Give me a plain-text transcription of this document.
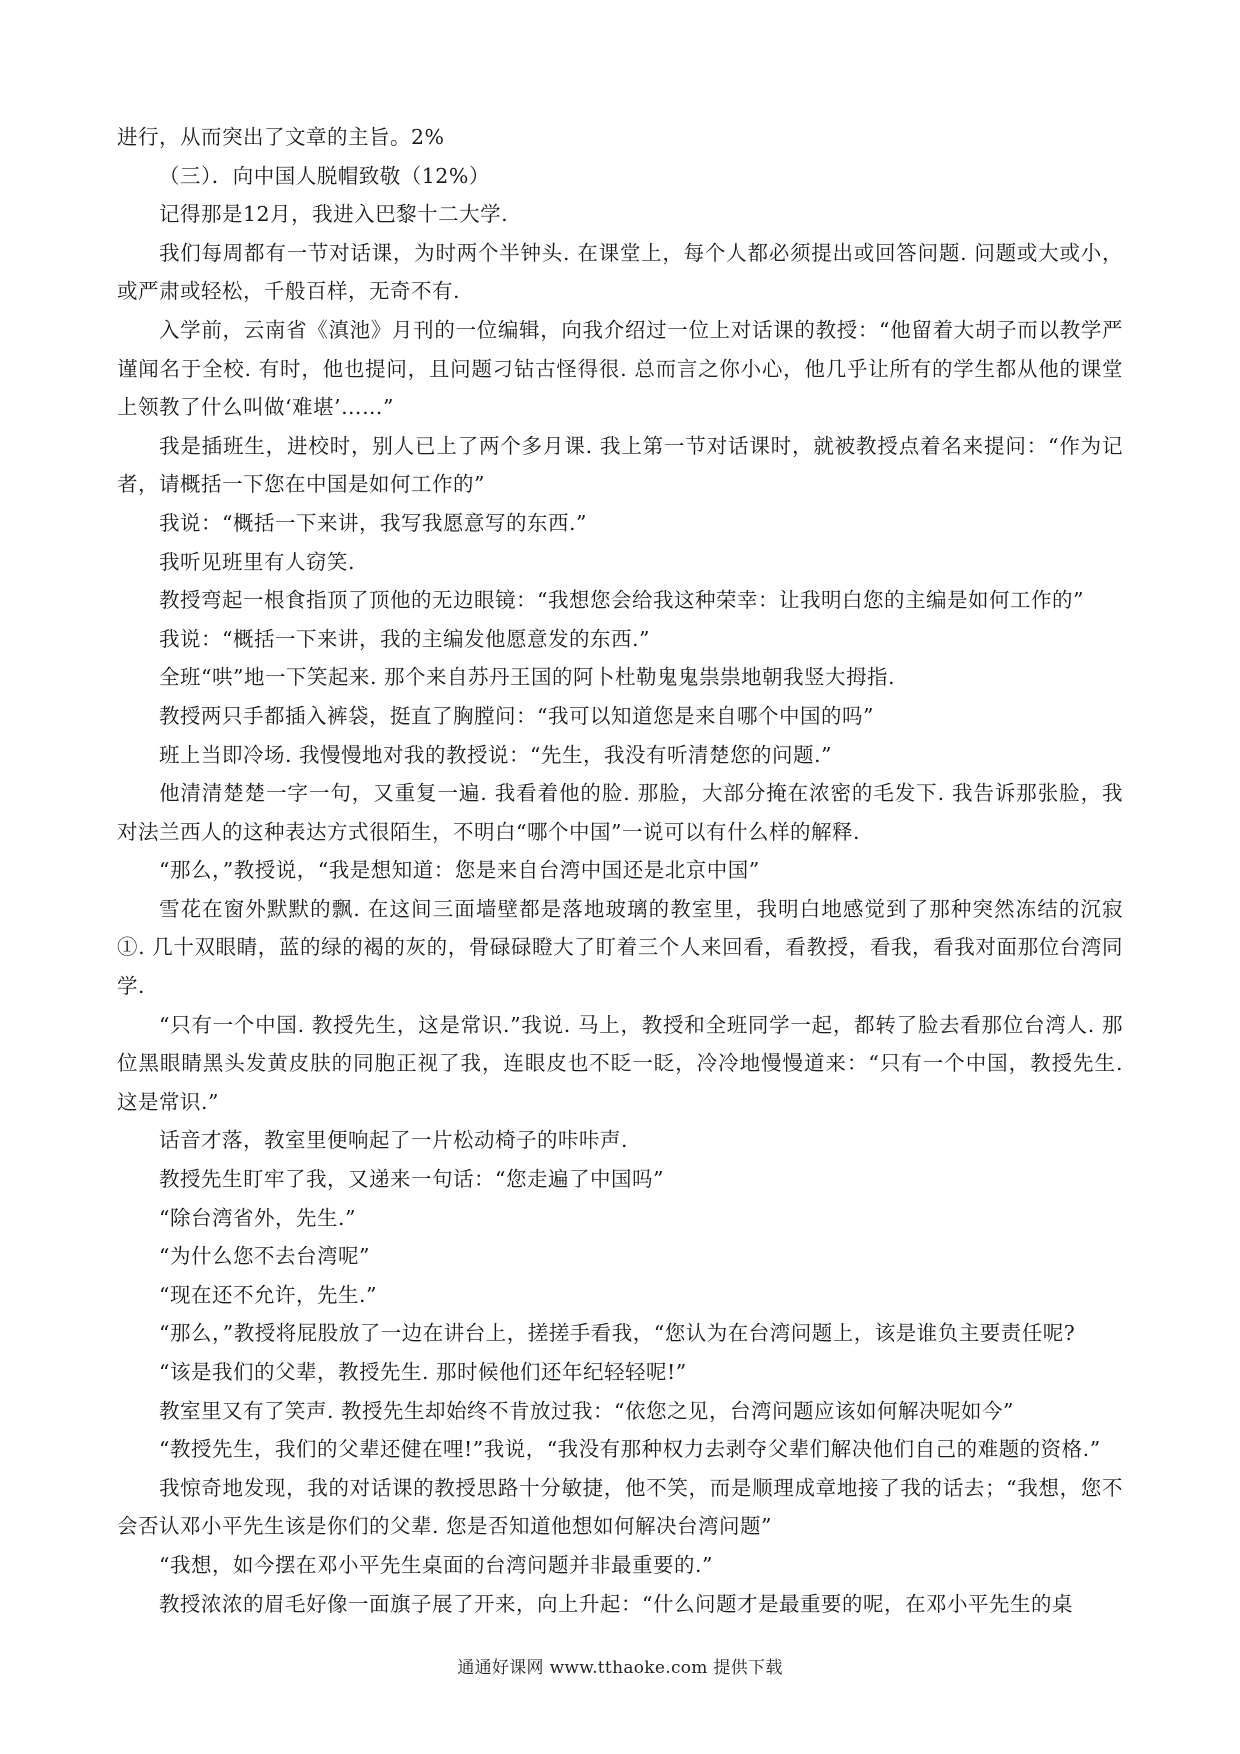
进行，从而突出了文章的主旨。2%

（三）．向中国人脱帽致敬（12%）

记得那是12月，我进入巴黎十二大学.

我们每周都有一节对话课，为时两个半钟头. 在课堂上，每个人都必须提出或回答问题. 问题或大或小，或严肃或轻松，千般百样，无奇不有.

入学前，云南省《滇池》月刊的一位编辑，向我介绍过一位上对话课的教授：“他留着大胡子而以教学严谨闻名于全校. 有时，他也提问，且问题刁钻古怪得很. 总而言之你小心，他几乎让所有的学生都从他的课堂上领教了什么叫做‘难堪’……”

我是插班生，进校时，别人已上了两个多月课. 我上第一节对话课时，就被教授点着名来提问：“作为记者，请概括一下您在中国是如何工作的”

我说：“概括一下来讲，我写我愿意写的东西.”

我听见班里有人窃笑.

教授弯起一根食指顶了顶他的无边眼镜：“我想您会给我这种荣幸：让我明白您的主编是如何工作的”

我说：“概括一下来讲，我的主编发他愿意发的东西.”

全班“哄”地一下笑起来. 那个来自苏丹王国的阿卜杜勒鬼鬼祟祟地朝我竖大拇指.

教授两只手都插入裤袋，挺直了胸膛问：“我可以知道您是来自哪个中国的吗”

班上当即冷场. 我慢慢地对我的教授说：“先生，我没有听清楚您的问题.”

他清清楚楚一字一句，又重复一遍. 我看着他的脸. 那脸，大部分掩在浓密的毛发下. 我告诉那张脸，我对法兰西人的这种表达方式很陌生，不明白“哪个中国”一说可以有什么样的解释.

“那么，”教授说，“我是想知道：您是来自台湾中国还是北京中国”

雪花在窗外默默的飘. 在这间三面墙壁都是落地玻璃的教室里，我明白地感觉到了那种突然冻结的沉寂①. 几十双眼睛，蓝的绿的褐的灰的，骨碌碌瞪大了盯着三个人来回看，看教授，看我，看我对面那位台湾同学.

“只有一个中国. 教授先生，这是常识.”我说. 马上，教授和全班同学一起，都转了脸去看那位台湾人. 那位黑眼睛黑头发黄皮肤的同胞正视了我，连眼皮也不眨一眨，冷冷地慢慢道来：“只有一个中国，教授先生. 这是常识.”

话音才落，教室里便响起了一片松动椅子的咔咔声.

教授先生盯牢了我，又递来一句话：“您走遍了中国吗”

“除台湾省外，先生.”

“为什么您不去台湾呢”

“现在还不允许，先生.”

“那么，”教授将屁股放了一边在讲台上，搓搓手看我，“您认为在台湾问题上，该是谁负主要责任呢?

“该是我们的父辈，教授先生. 那时候他们还年纪轻轻呢!”

教室里又有了笑声. 教授先生却始终不肯放过我：“依您之见，台湾问题应该如何解决呢如今”

“教授先生，我们的父辈还健在哩!”我说，“我没有那种权力去剥夺父辈们解决他们自己的难题的资格.”

我惊奇地发现，我的对话课的教授思路十分敏捷，他不笑，而是顺理成章地接了我的话去；“我想，您不会否认邓小平先生该是你们的父辈. 您是否知道他想如何解决台湾问题”

“我想，如今摆在邓小平先生桌面的台湾问题并非最重要的.”

教授浓浓的眉毛好像一面旗子展了开来，向上升起：“什么问题才是最重要的呢，在邓小平先生的桌

通通好课网 www.tthaoke.com 提供下载
